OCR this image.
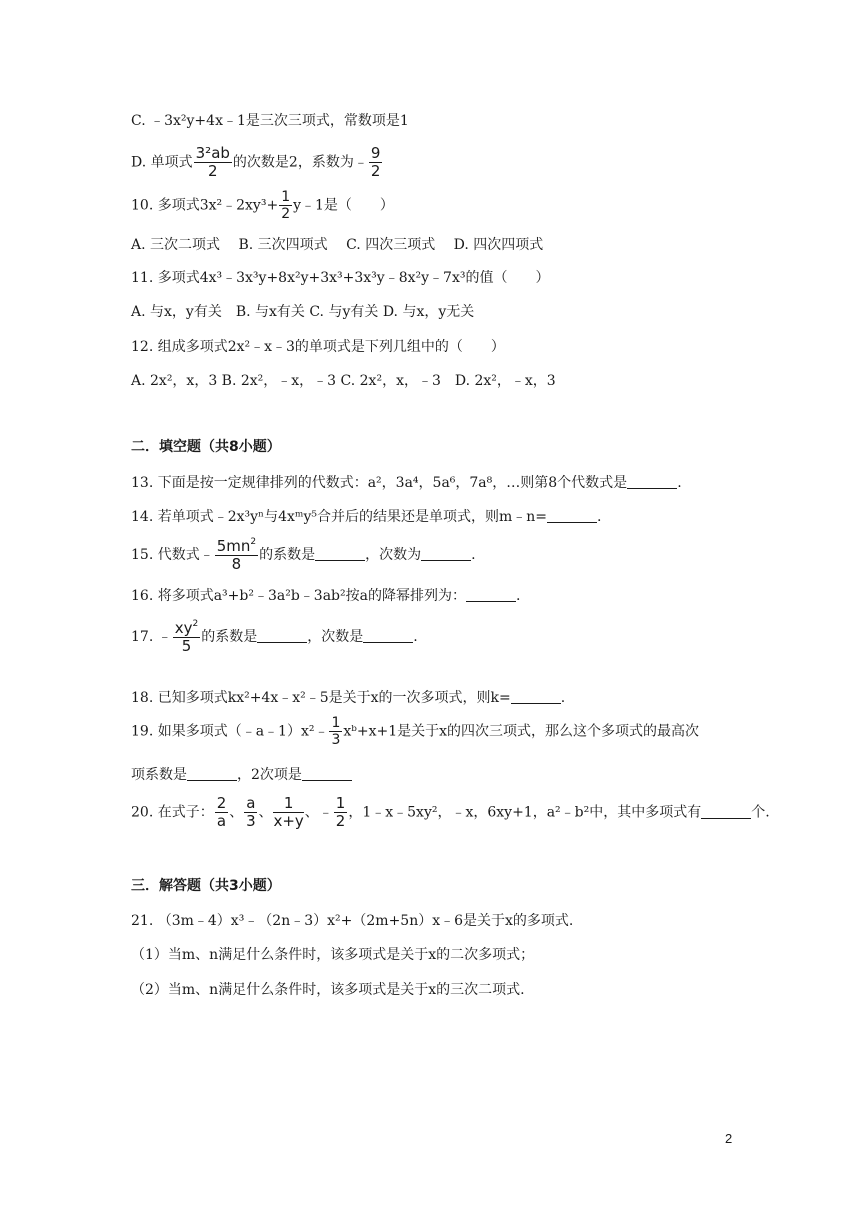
C. ﹣3x²y+4x﹣1是三次三项式，常数项是1
D. 单项式 $\frac{\text{3²ab}}{2}$ 的次数是2，系数为﹣ $\frac{9}{2}$
10. 多项式3x²﹣2xy³+ $\frac{1}{2}$ y﹣1是（　　）
A. 三次二项式　 B. 三次四项式　 C. 四次三项式　 D. 四次四项式
11. 多项式4x³﹣3x³y+8x²y+3x³+3x³y﹣8x²y﹣7x³的值（　　）
A. 与x，y有关　B. 与x有关 C. 与y有关 D. 与x，y无关
12. 组成多项式2x²﹣x﹣3的单项式是下列几组中的（　　）
A. 2x²，x，3 B. 2x²，﹣x，﹣3 C. 2x²，x，﹣3　D. 2x²，﹣x，3
二．填空题（共8小题）
13. 下面是按一定规律排列的代数式：a²，3a⁴，5a⁶，7a⁸，…则第8个代数式是	.
14. 若单项式﹣2x³yⁿ与4xᵐy⁵合并后的结果还是单项式，则m﹣n=	.
15. 代数式﹣ $\frac{5mn^2}{8}$ 的系数是	，次数为	.
16. 将多项式a³+b²﹣3a²b﹣3ab²按a的降幂排列为：	.
17. ﹣ $\frac{xy^2}{5}$ 的系数是	，次数是	.
18. 已知多项式kx²+4x﹣x²﹣5是关于x的一次多项式，则k=	.
19. 如果多项式（﹣a﹣1）x²﹣ $\frac{1}{3}$ xᵇ+x+1是关于x的四次三项式，那么这个多项式的最高次
项系数是	，2次项是
20. 在式子： $\frac{2}{a}$ 、 $\frac{a}{3}$ 、 $\frac{1}{x+y}$ 、﹣ $\frac{1}{2}$ ，1﹣x﹣5xy²，﹣x，6xy+1，a²﹣b²中，其中多项式有	个.
三．解答题（共3小题）
21. （3m﹣4）x³﹣（2n﹣3）x²+（2m+5n）x﹣6是关于x的多项式.
（1）当m、n满足什么条件时，该多项式是关于x的二次多项式；
（2）当m、n满足什么条件时，该多项式是关于x的三次二项式.
2
